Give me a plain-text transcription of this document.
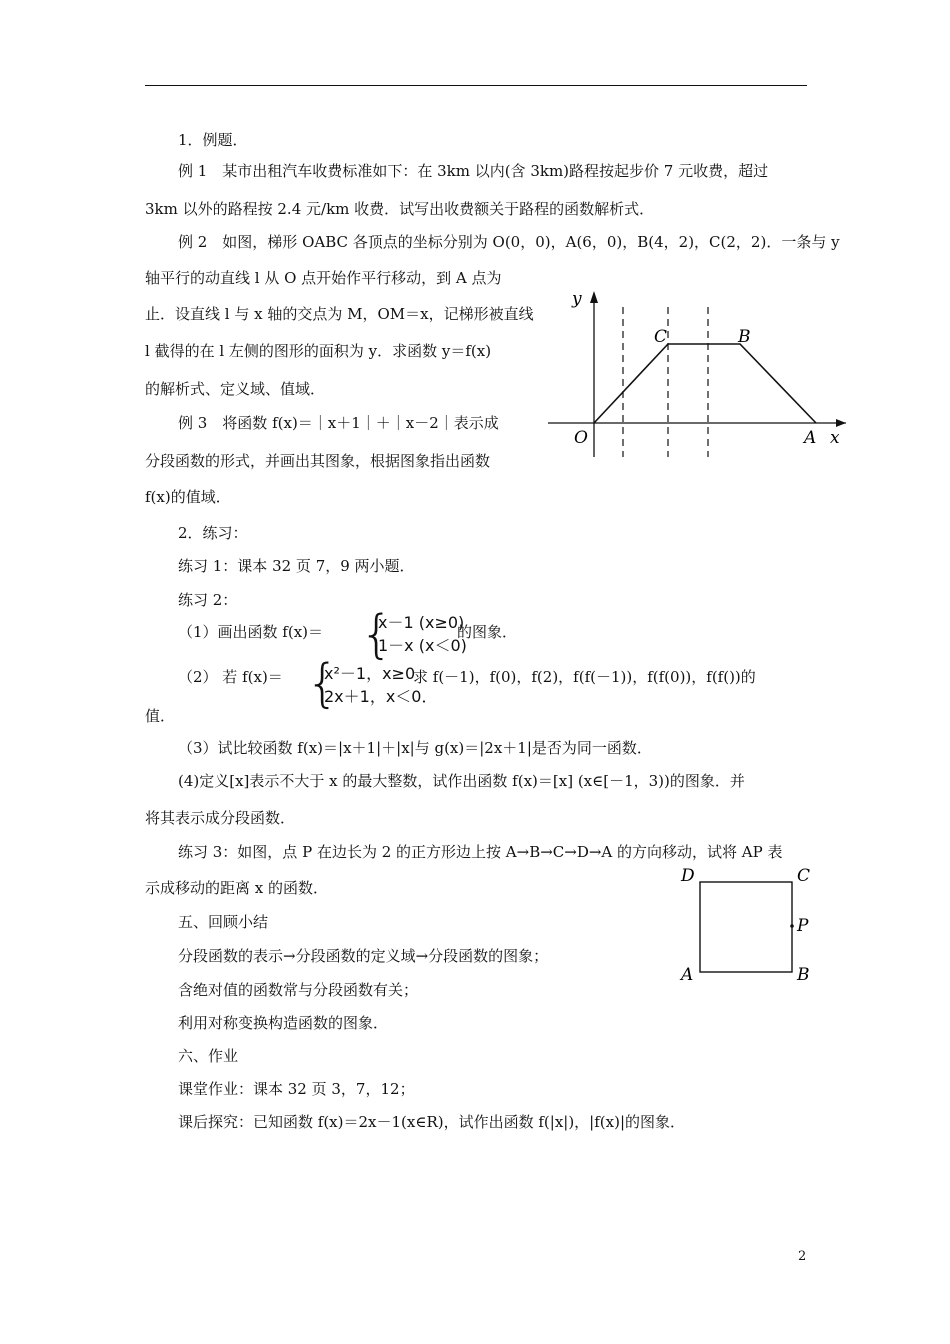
1．例题．
例 1　某市出租汽车收费标准如下：在 3km 以内(含 3km)路程按起步价 7 元收费，超过
3km 以外的路程按 2.4 元/km 收费．试写出收费额关于路程的函数解析式．
例 2　如图，梯形 OABC 各顶点的坐标分别为 O(0，0)，A(6，0)，B(4，2)，C(2，2)．一条与 y
轴平行的动直线 l 从 O 点开始作平行移动，到 A 点为
止．设直线 l 与 x 轴的交点为 M，OM＝x，记梯形被直线
l 截得的在 l 左侧的图形的面积为 y．求函数 y＝f(x)
的解析式、定义域、值域．
例 3　将函数 f(x)＝｜x＋1｜＋｜x－2｜表示成
分段函数的形式，并画出其图象，根据图象指出函数
f(x)的值域．
y
C	B
O	A x
2．练习：
练习 1：课本 32 页 7，9 两小题．
练习 2：
（1）画出函数 f(x)＝ {
x－1 (x≥0)
1－x (x＜0)
的图象．
（2） 若 f(x)＝ {
x²－1，x≥0
2x＋1，x＜0．
求 f(－1)，f(0)，f(2)，f(f(－1))，f(f(0))，f(f())的
值．
（3）试比较函数 f(x)＝|x＋1|＋|x|与 g(x)＝|2x＋1|是否为同一函数．
(4)定义[x]表示不大于 x 的最大整数，试作出函数 f(x)＝[x] (x∈[－1，3))的图象．并
将其表示成分段函数．
练习 3：如图，点 P 在边长为 2 的正方形边上按 A→B→C→D→A 的方向移动，试将 AP 表
示成移动的距离 x 的函数．
D	C
P
A	B
五、回顾小结
分段函数的表示→分段函数的定义域→分段函数的图象；
含绝对值的函数常与分段函数有关；
利用对称变换构造函数的图象．
六、作业
课堂作业：课本 32 页 3，7，12；
课后探究：已知函数 f(x)＝2x－1(x∈R)，试作出函数 f(|x|)，|f(x)|的图象．
2
